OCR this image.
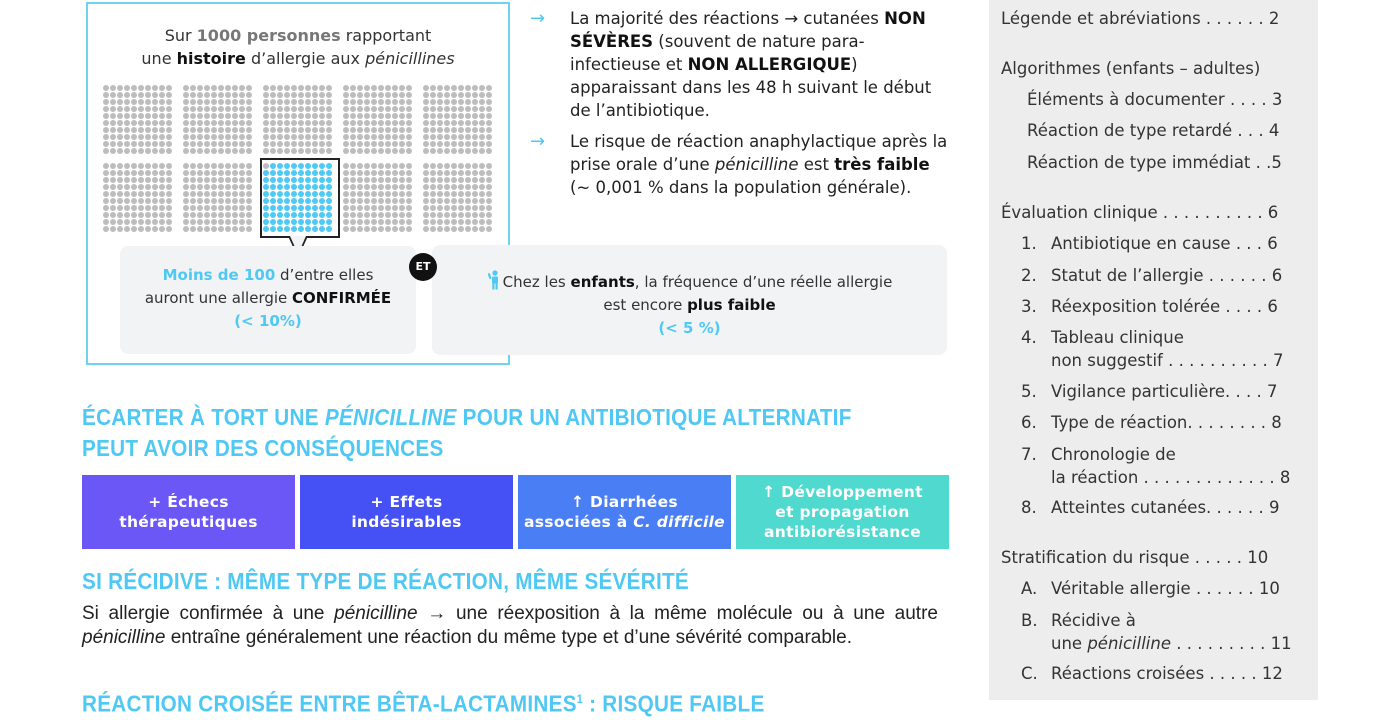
Sur 1000 personnes rapportant
une histoire d’allergie aux pénicillines
Moins de 100 d’entre elles
auront une allergie CONFIRMÉE
(< 10%)
ET
Chez les enfants, la fréquence d’une réelle allergie
est encore plus faible
(< 5 %)
→	La majorité des réactions → cutanées NON SÉVÈRES (souvent de nature para-infectieuse et NON ALLERGIQUE) apparaissant dans les 48 h suivant le début de l’antibiotique.
→	Le risque de réaction anaphylactique après la prise orale d’une pénicilline est très faible (~ 0,001 % dans la population générale).
ÉCARTER À TORT UNE PÉNICILLINE POUR UN ANTIBIOTIQUE ALTERNATIF
PEUT AVOIR DES CONSÉQUENCES
+ Échecs
thérapeutiques
+ Effets
indésirables
↑ Diarrhées
associées à C. difficile
↑ Développement
et propagation
antibiorésistance
SI RÉCIDIVE : MÊME TYPE DE RÉACTION, MÊME SÉVÉRITÉ
Si allergie confirmée à une pénicilline → une réexposition à la même molécule ou à une autre pénicilline entraîne généralement une réaction du même type et d’une sévérité comparable.
RÉACTION CROISÉE ENTRE BÊTA-LACTAMINES$^1$ : RISQUE FAIBLE
Légende et abréviations . . . . . . 2
Algorithmes (enfants – adultes)
Éléments à documenter . . . . 3
Réaction de type retardé . . . 4
Réaction de type immédiat . .5
Évaluation clinique . . . . . . . . . . 6
1. Antibiotique en cause . . . 6
2. Statut de l’allergie . . . . . . 6
3. Réexposition tolérée . . . . 6
4. Tableau clinique
non suggestif . . . . . . . . . . 7
5. Vigilance particulière. . . . 7
6. Type de réaction. . . . . . . . 8
7. Chronologie de
la réaction . . . . . . . . . . . . . 8
8. Atteintes cutanées. . . . . . 9
Stratification du risque . . . . . 10
A. Véritable allergie . . . . . . 10
B. Récidive à
une pénicilline . . . . . . . . . 11
C. Réactions croisées . . . . . 12
